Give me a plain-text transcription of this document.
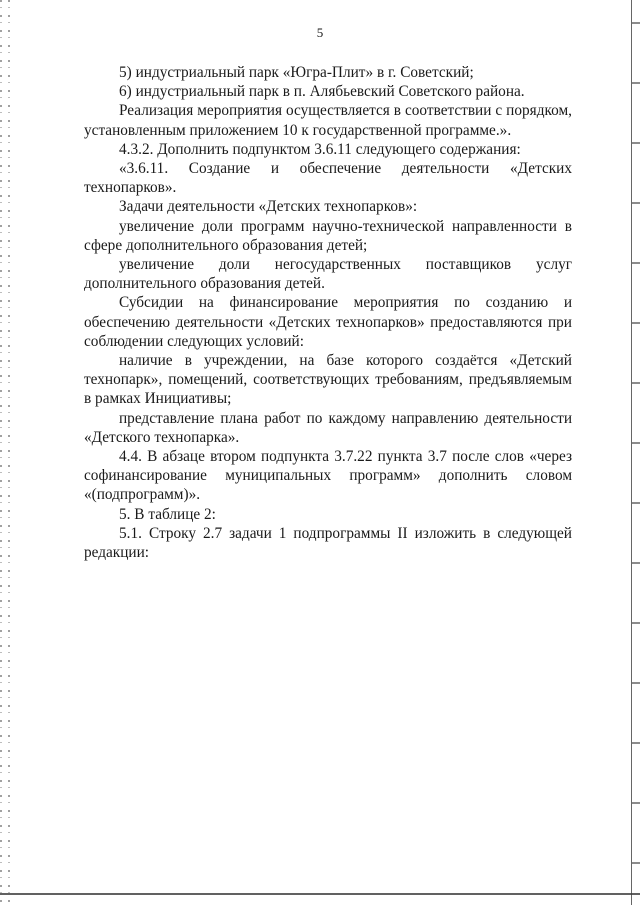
5

5) индустриальный парк «Югра-Плит» в г. Советский;

6) индустриальный парк в п. Алябьевский Советского района.

Реализация мероприятия осуществляется в соответствии с порядком, установленным приложением 10 к государственной программе.».

4.3.2. Дополнить подпунктом 3.6.11 следующего содержания:

«3.6.11. Создание и обеспечение деятельности «Детских технопарков».

Задачи деятельности «Детских технопарков»:

увеличение доли программ научно-технической направленности в сфере дополнительного образования детей;

увеличение доли негосударственных поставщиков услуг дополнительного образования детей.

Субсидии на финансирование мероприятия по созданию и обеспечению деятельности «Детских технопарков» предоставляются при соблюдении следующих условий:

наличие в учреждении, на базе которого создаётся «Детский технопарк», помещений, соответствующих требованиям, предъявляемым в рамках Инициативы;

представление плана работ по каждому направлению деятельности «Детского технопарка».

4.4. В абзаце втором подпункта 3.7.22 пункта 3.7 после слов «через софинансирование муниципальных программ» дополнить словом «(подпрограмм)».

5. В таблице 2:

5.1. Строку 2.7 задачи 1 подпрограммы II изложить в следующей редакции:
